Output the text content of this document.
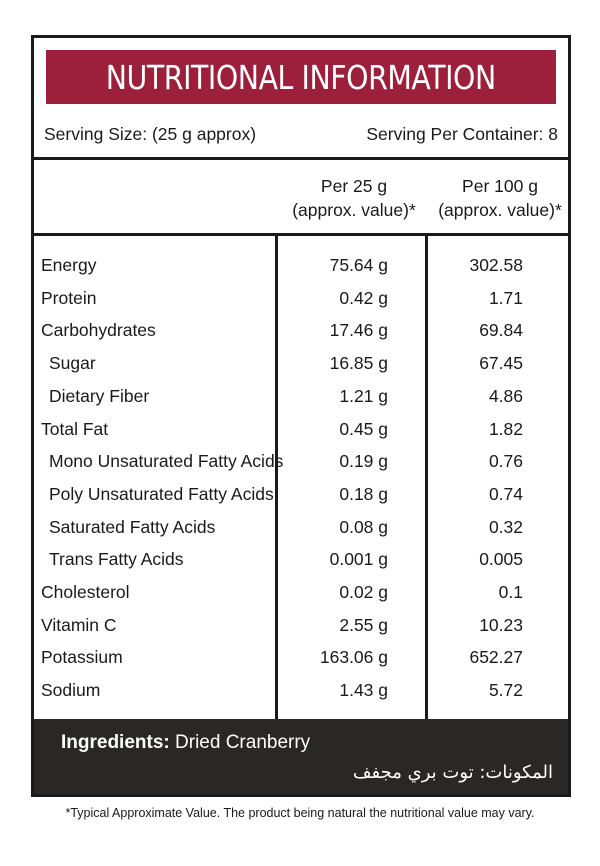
NUTRITIONAL INFORMATION
Serving Size: (25 g approx)	Serving Per Container: 8
Per 25 g
(approx. value)*
Per 100 g
(approx. value)*
Energy	75.64 g	302.58
Protein	0.42 g	1.71
Carbohydrates	17.46 g	69.84
Sugar	16.85 g	67.45
Dietary Fiber	1.21 g	4.86
Total Fat	0.45 g	1.82
Mono Unsaturated Fatty Acids	0.19 g	0.76
Poly Unsaturated Fatty Acids	0.18 g	0.74
Saturated Fatty Acids	0.08 g	0.32
Trans Fatty Acids	0.001 g	0.005
Cholesterol	0.02 g	0.1
Vitamin C	2.55 g	10.23
Potassium	163.06 g	652.27
Sodium	1.43 g	5.72
Ingredients: Dried Cranberry
المكونات: توت بري مجفف
*Typical Approximate Value. The product being natural the nutritional value may vary.
